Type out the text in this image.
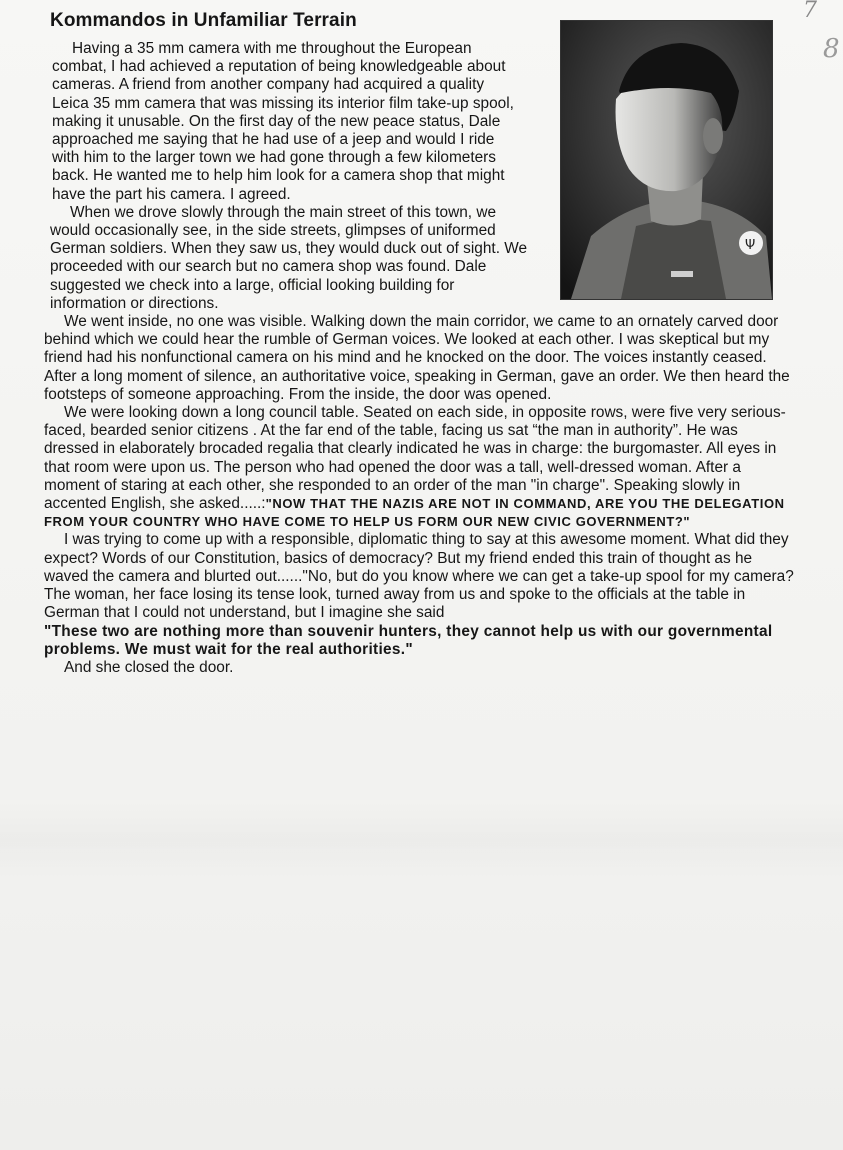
7
8
Kommandos in Unfamiliar Terrain
Ψ

Having a 35 mm camera with me throughout the European combat, I had achieved a reputation of being knowledgeable about cameras. A friend from another company had acquired a quality Leica 35 mm camera that was missing its interior film take-up spool, making it unusable. On the first day of the new peace status, Dale approached me saying that he had use of a jeep and would I ride with him to the larger town we had gone through a few kilometers back. He wanted me to help him look for a camera shop that might have the part his camera. I agreed.

When we drove slowly through the main street of this town, we would occasionally see, in the side streets, glimpses of uniformed German soldiers. When they saw us, they would duck out of sight. We proceeded with our search but no camera shop was found. Dale suggested we check into a large, official looking building for information or directions.

We went inside, no one was visible. Walking down the main corridor, we came to an ornately carved door behind which we could hear the rumble of German voices. We looked at each other. I was skeptical but my friend had his nonfunctional camera on his mind and he knocked on the door. The voices instantly ceased. After a long moment of silence, an authoritative voice, speaking in German, gave an order. We then heard the footsteps of someone approaching. From the inside, the door was opened.

We were looking down a long council table. Seated on each side, in opposite rows, were five very serious-faced, bearded senior citizens . At the far end of the table, facing us sat “the man in authority”. He was dressed in elaborately brocaded regalia that clearly indicated he was in charge: the burgomaster. All eyes in that room were upon us. The person who had opened the door was a tall, well-dressed woman. After a moment of staring at each other, she responded to an order of the man "in charge". Speaking slowly in accented English, she asked.....:"NOW THAT THE NAZIS ARE NOT IN COMMAND, ARE YOU THE DELEGATION FROM YOUR COUNTRY WHO HAVE COME TO HELP US FORM OUR NEW CIVIC GOVERNMENT?"

I was trying to come up with a responsible, diplomatic thing to say at this awesome moment. What did they expect? Words of our Constitution, basics of democracy? But my friend ended this train of thought as he waved the camera and blurted out......"No, but do you know where we can get a take-up spool for my camera? The woman, her face losing its tense look, turned away from us and spoke to the officials at the table in German that I could not understand, but I imagine she said
"These two are nothing more than souvenir hunters, they cannot help us with our governmental problems. We must wait for the real authorities."

And she closed the door.
